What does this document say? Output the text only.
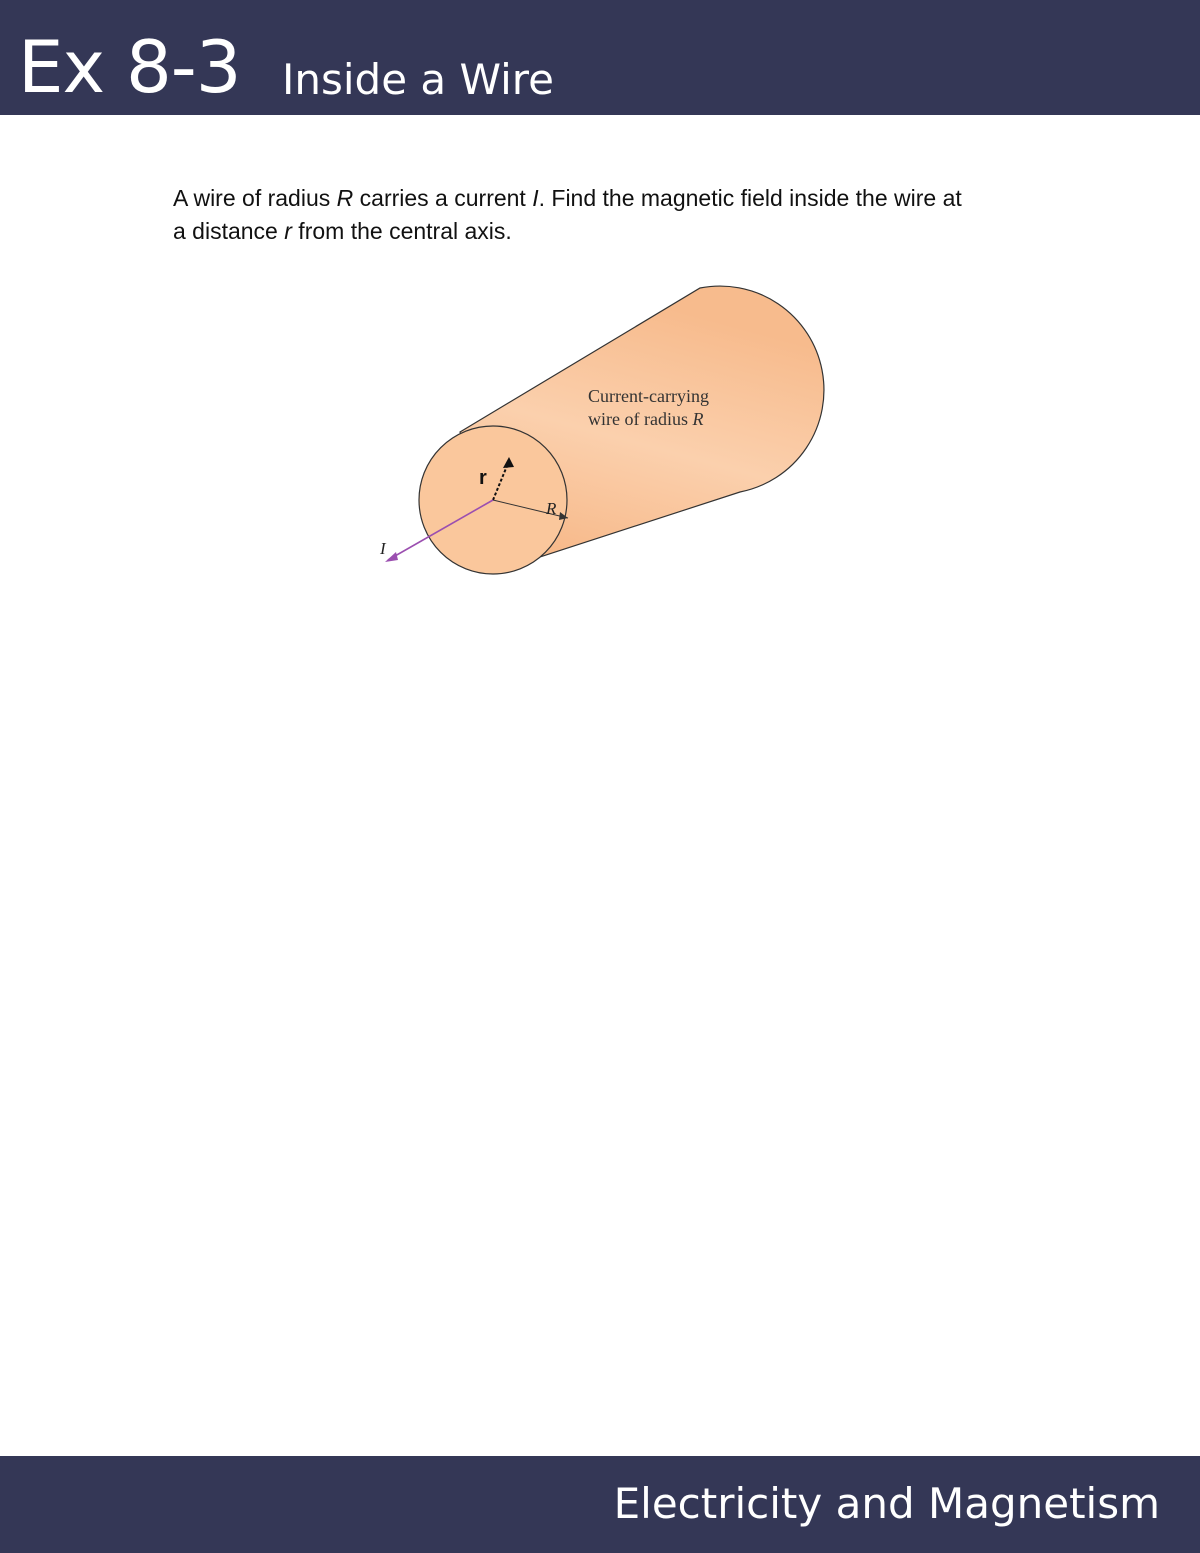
Ex 8-3 Inside a Wire
A wire of radius R carries a current I. Find the magnetic field inside the wire at
a distance r from the central axis.
R
r
I
Current-carrying
wire of radius R
Electricity and Magnetism
